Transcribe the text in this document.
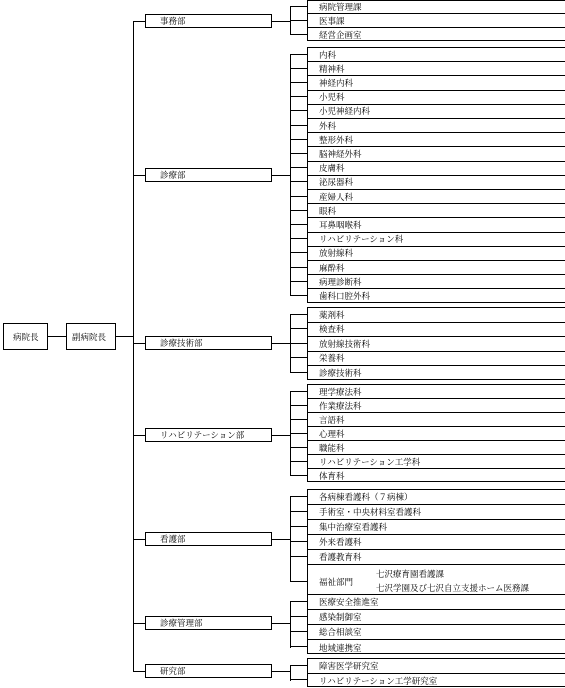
事務部
病院管理課
医事課
経営企画室
診療部
内科
精神科
神経内科
小児科
小児神経内科
外科
整形外科
脳神経外科
皮膚科
泌尿器科
産婦人科
眼科
耳鼻咽喉科
リハビリテーション科
放射線科
麻酔科
病理診断科
歯科口腔外科
診療技術部
薬剤科
検査科
放射線技術科
栄養科
診療技術科
リハビリテーション部
理学療法科
作業療法科
言語科
心理科
職能科
リハビリテーション工学科
体育科
看護部
各病棟看護科（７病棟）
手術室・中央材料室看護科
集中治療室看護科
外来看護科
看護教育科
福祉部門
七沢療育園看護課
七沢学園及び七沢自立支援ホーム医務課
診療管理部
医療安全推進室
感染制御室
総合相談室
地域連携室
研究部
障害医学研究室
リハビリテーション工学研究室
病院長	副病院長
